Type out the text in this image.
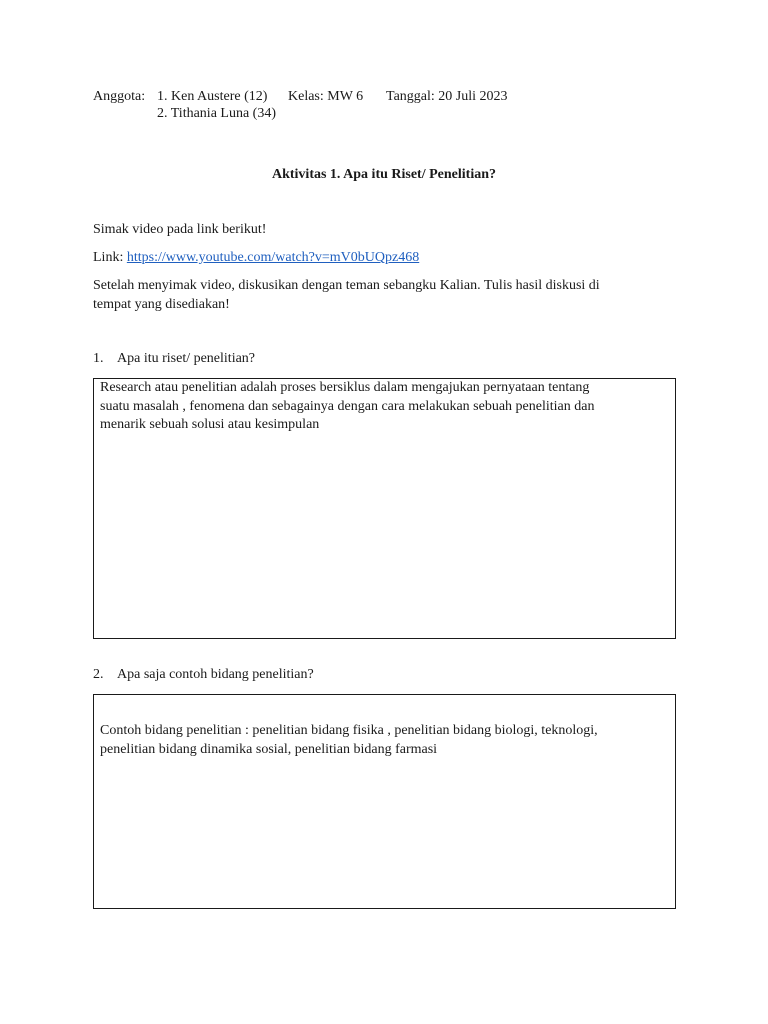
Anggota: 1. Ken Austere (12) Kelas: MW 6 Tanggal: 20 Juli 2023
2. Tithania Luna (34)
Aktivitas 1. Apa itu Riset/ Penelitian?
Simak video pada link berikut!
Link: https://www.youtube.com/watch?v=mV0bUQpz468
Setelah menyimak video, diskusikan dengan teman sebangku Kalian. Tulis hasil diskusi di
tempat yang disediakan!
1. Apa itu riset/ penelitian?
Research atau penelitian adalah proses bersiklus dalam mengajukan pernyataan tentang
suatu masalah , fenomena dan sebagainya dengan cara melakukan sebuah penelitian dan
menarik sebuah solusi atau kesimpulan
2. Apa saja contoh bidang penelitian?
Contoh bidang penelitian : penelitian bidang fisika , penelitian bidang biologi, teknologi,
penelitian bidang dinamika sosial, penelitian bidang farmasi
